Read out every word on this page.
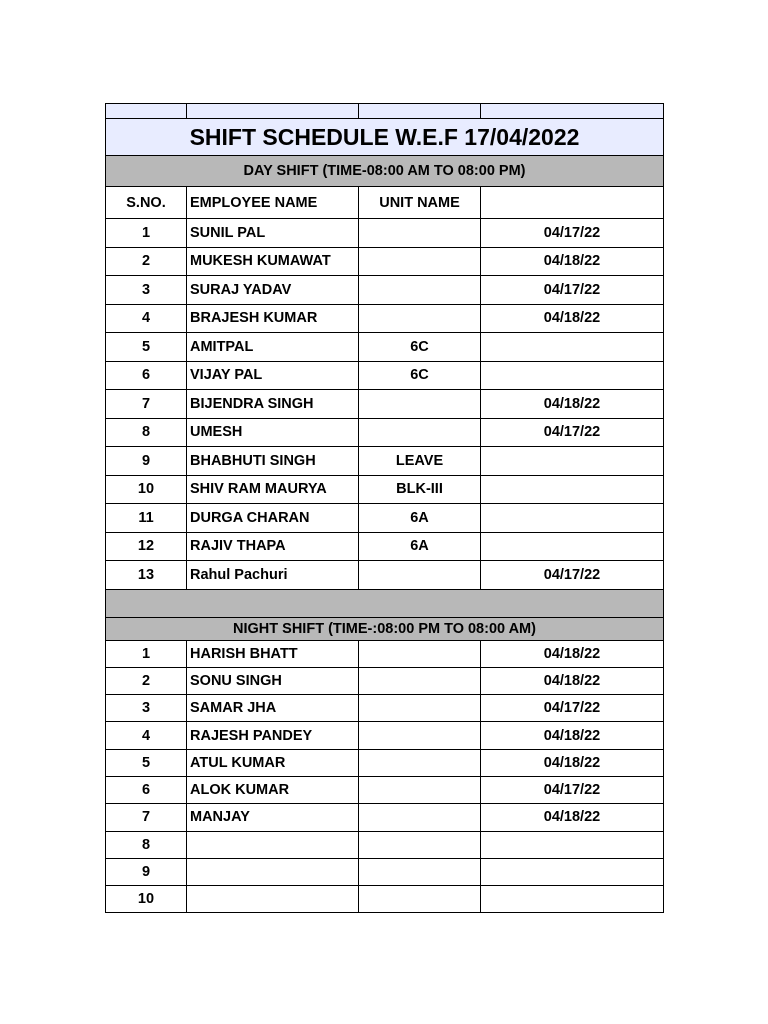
SHIFT SCHEDULE W.E.F 17/04/2022			
DAY SHIFT (TIME-08:00 AM TO 08:00 PM)			
S.NO.	EMPLOYEE NAME	UNIT NAME	
1	SUNIL PAL		04/17/22
2	MUKESH KUMAWAT		04/18/22
3	SURAJ YADAV		04/17/22
4	BRAJESH KUMAR		04/18/22
5	AMITPAL	6C	
6	VIJAY PAL	6C	
7	BIJENDRA SINGH		04/18/22
8	UMESH		04/17/22
9	BHABHUTI SINGH	LEAVE	
10	SHIV RAM MAURYA	BLK-III	
11	DURGA CHARAN	6A	
12	RAJIV THAPA	6A	
13	Rahul Pachuri		04/17/22

NIGHT SHIFT (TIME-:08:00 PM TO 08:00 AM)			
1	HARISH BHATT		04/18/22
2	SONU SINGH		04/18/22
3	SAMAR JHA		04/17/22
4	RAJESH PANDEY		04/18/22
5	ATUL KUMAR		04/18/22
6	ALOK KUMAR		04/17/22
7	MANJAY		04/18/22
8			
9			
10			
